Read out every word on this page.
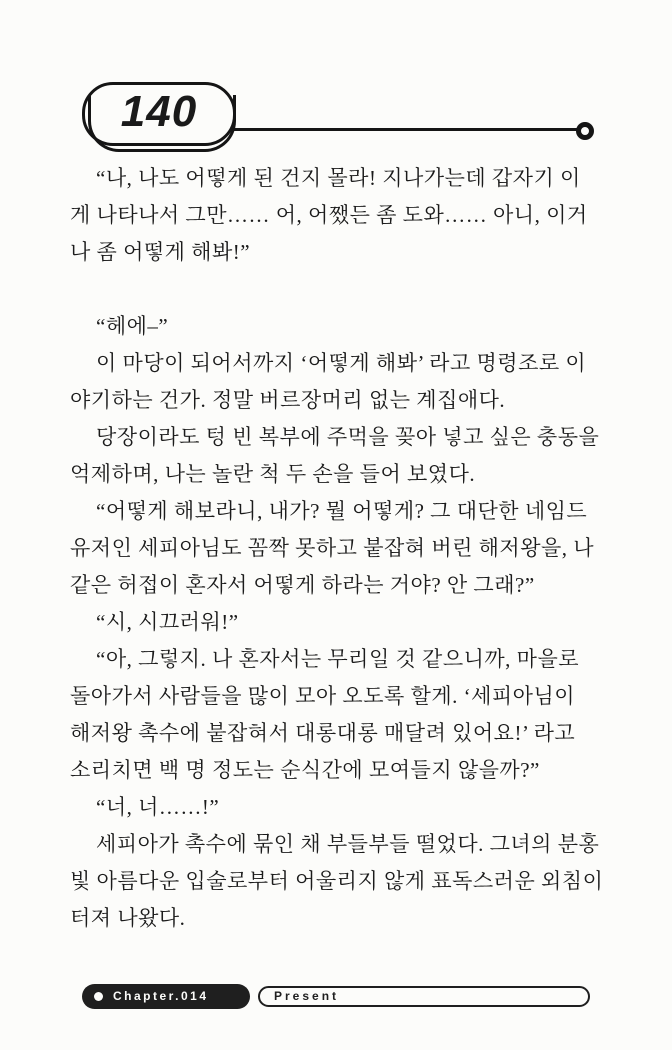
140
“나, 나도 어떻게 된 건지 몰라! 지나가는데 갑자기 이
게 나타나서 그만…… 어, 어쨌든 좀 도와…… 아니, 이거
나 좀 어떻게 해봐!”
“헤에–”
이 마당이 되어서까지 ‘어떻게 해봐’ 라고 명령조로 이
야기하는 건가. 정말 버르장머리 없는 계집애다.
당장이라도 텅 빈 복부에 주먹을 꽂아 넣고 싶은 충동을
억제하며, 나는 놀란 척 두 손을 들어 보였다.
“어떻게 해보라니, 내가? 뭘 어떻게? 그 대단한 네임드
유저인 세피아님도 꼼짝 못하고 붙잡혀 버린 해저왕을, 나
같은 허접이 혼자서 어떻게 하라는 거야? 안 그래?”
“시, 시끄러워!”
“아, 그렇지. 나 혼자서는 무리일 것 같으니까, 마을로
돌아가서 사람들을 많이 모아 오도록 할게. ‘세피아님이
해저왕 촉수에 붙잡혀서 대롱대롱 매달려 있어요!’ 라고
소리치면 백 명 정도는 순식간에 모여들지 않을까?”
“너, 너……!”
세피아가 촉수에 묶인 채 부들부들 떨었다. 그녀의 분홍
빛 아름다운 입술로부터 어울리지 않게 표독스러운 외침이
터져 나왔다.
Chapter.014	Present
